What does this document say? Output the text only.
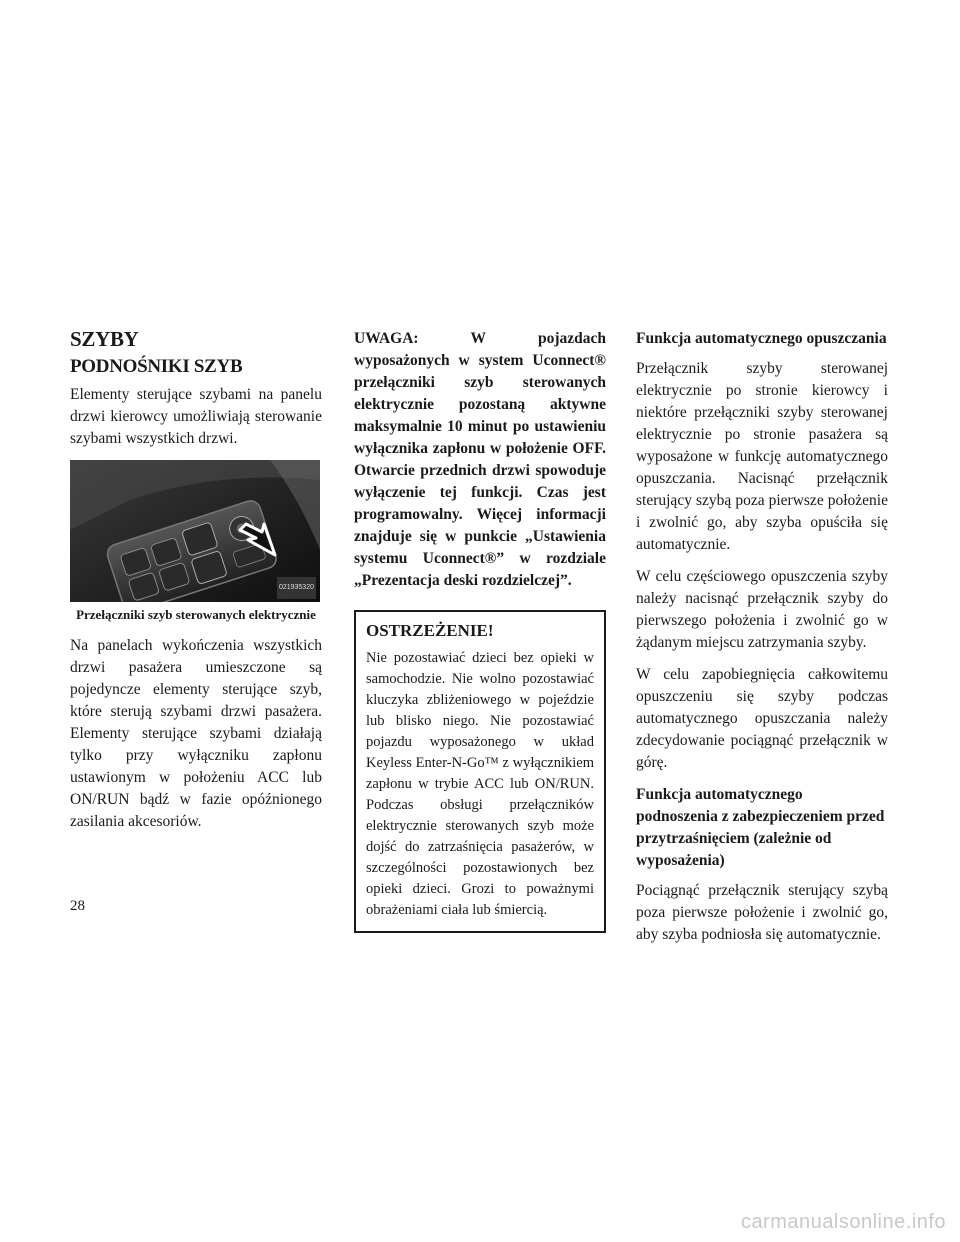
SZYBY
PODNOŚNIKI SZYB

Elementy sterujące szybami na panelu drzwi kierowcy umożliwiają sterowanie szybami wszystkich drzwi.

021935320
Przełączniki szyb sterowanych elektrycznie

Na panelach wykończenia wszystkich drzwi pasażera umieszczone są pojedyncze elementy sterujące szyb, które sterują szybami drzwi pasażera. Elementy sterujące szybami działają tylko przy wyłączniku zapłonu ustawionym w położeniu ACC lub ON/RUN bądź w fazie opóźnionego zasilania akcesoriów.

UWAGA: W pojazdach wyposażonych w system Uconnect® przełączniki szyb sterowanych elektrycznie pozostaną aktywne maksymalnie 10 minut po ustawieniu wyłącznika zapłonu w położenie OFF. Otwarcie przednich drzwi spowoduje wyłączenie tej funkcji. Czas jest programowalny. Więcej informacji znajduje się w punkcie „Ustawienia systemu Uconnect®” w rozdziale „Prezentacja deski rozdzielczej”.

OSTRZEŻENIE!

Nie pozostawiać dzieci bez opieki w samochodzie. Nie wolno pozostawiać kluczyka zbliżeniowego w pojeździe lub blisko niego. Nie pozostawiać pojazdu wyposażonego w układ Keyless Enter-N-Go™ z wyłącznikiem zapłonu w trybie ACC lub ON/RUN. Podczas obsługi przełączników elektrycznie sterowanych szyb może dojść do zatrzaśnięcia pasażerów, w szczególności pozostawionych bez opieki dzieci. Grozi to poważnymi obrażeniami ciała lub śmiercią.

Funkcja automatycznego opuszczania

Przełącznik szyby sterowanej elektrycznie po stronie kierowcy i niektóre przełączniki szyby sterowanej elektrycznie po stronie pasażera są wyposażone w funkcję automatycznego opuszczania. Nacisnąć przełącznik sterujący szybą poza pierwsze położenie i zwolnić go, aby szyba opuściła się automatycznie.

W celu częściowego opuszczenia szyby należy nacisnąć przełącznik szyby do pierwszego położenia i zwolnić go w żądanym miejscu zatrzymania szyby.

W celu zapobiegnięcia całkowitemu opuszczeniu się szyby podczas automatycznego opuszczania należy zdecydowanie pociągnąć przełącznik w górę.

Funkcja automatycznego podnoszenia z zabezpieczeniem przed przytrzaśnięciem (zależnie od wyposażenia)

Pociągnąć przełącznik sterujący szybą poza pierwsze położenie i zwolnić go, aby szyba podniosła się automatycznie.

28
carmanualsonline.info
